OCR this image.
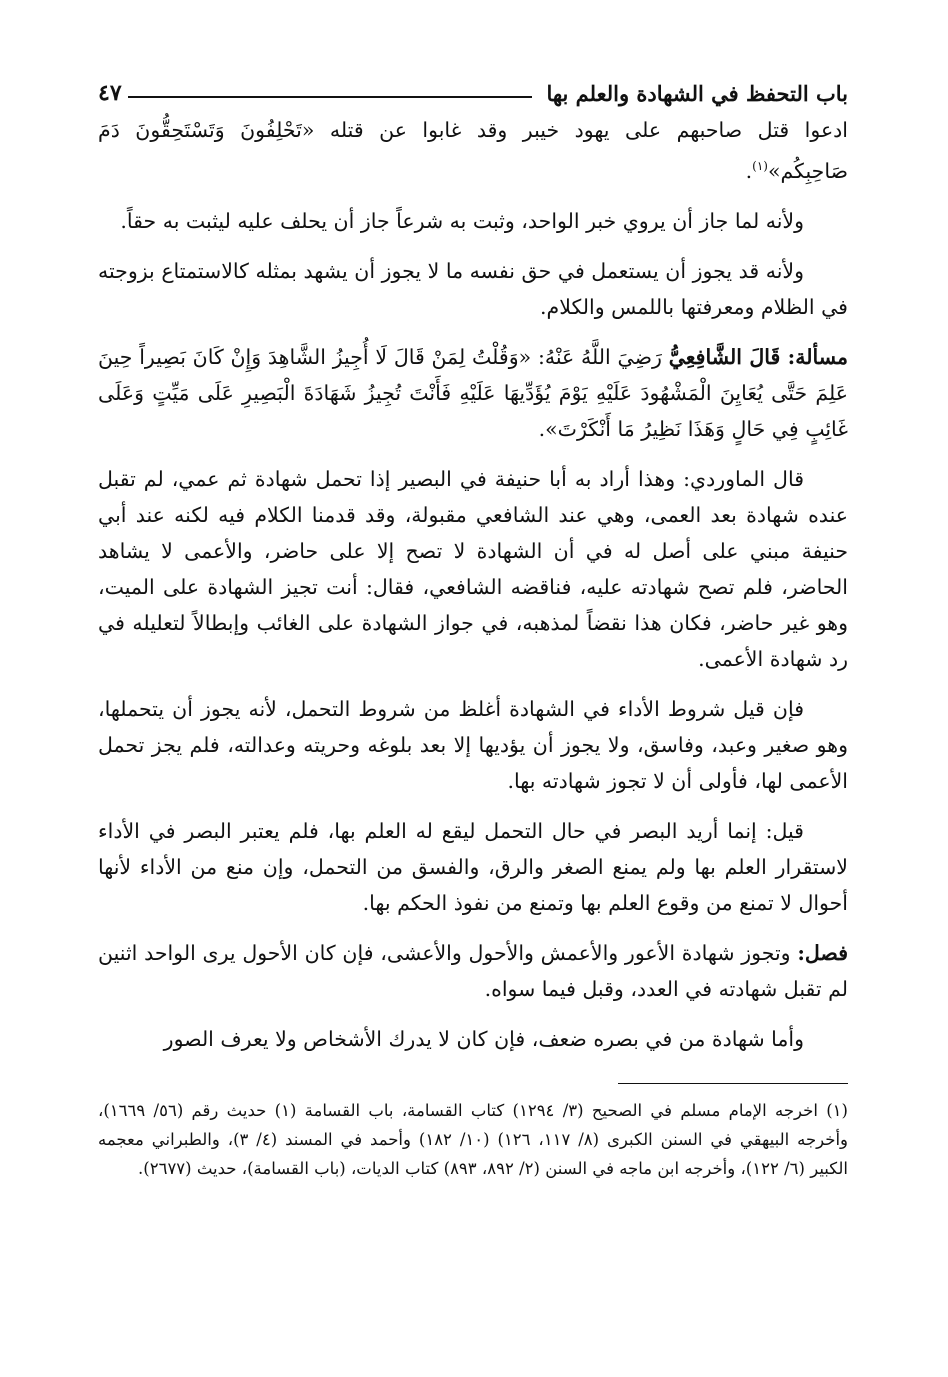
باب التحفظ في الشهادة والعلم بها
٤٧

ادعوا قتل صاحبهم على يهود خيبر وقد غابوا عن قتله «تَحْلِفُونَ وَتَسْتَحِقُّونَ دَمَ صَاحِبِكُم»$^{(١)}$.

ولأنه لما جاز أن يروي خبر الواحد، وثبت به شرعاً جاز أن يحلف عليه ليثبت به حقاً.

ولأنه قد يجوز أن يستعمل في حق نفسه ما لا يجوز أن يشهد بمثله كالاستمتاع بزوجته في الظلام ومعرفتها باللمس والكلام.

مسألة: قَالَ الشَّافِعِيُّ رَضِيَ اللَّهُ عَنْهُ: «وَقُلْتُ لِمَنْ قَالَ لَا أُجِيزُ الشَّاهِدَ وَإِنْ كَانَ بَصِيراً حِينَ عَلِمَ حَتَّى يُعَايِنَ الْمَشْهُودَ عَلَيْهِ يَوْمَ يُؤَدِّيهَا عَلَيْهِ فَأَنْتَ تُجِيزُ شَهَادَةَ الْبَصِيرِ عَلَى مَيِّتٍ وَعَلَى غَائِبٍ فِي حَالٍ وَهَذَا نَظِيرُ مَا أَنْكَرْتَ».

قال الماوردي: وهذا أراد به أبا حنيفة في البصير إذا تحمل شهادة ثم عمي، لم تقبل عنده شهادة بعد العمى، وهي عند الشافعي مقبولة، وقد قدمنا الكلام فيه لكنه عند أبي حنيفة مبني على أصل له في أن الشهادة لا تصح إلا على حاضر، والأعمى لا يشاهد الحاضر، فلم تصح شهادته عليه، فناقضه الشافعي، فقال: أنت تجيز الشهادة على الميت، وهو غير حاضر، فكان هذا نقضاً لمذهبه، في جواز الشهادة على الغائب وإبطالاً لتعليله في رد شهادة الأعمى.

فإن قيل شروط الأداء في الشهادة أغلظ من شروط التحمل، لأنه يجوز أن يتحملها، وهو صغير وعبد، وفاسق، ولا يجوز أن يؤديها إلا بعد بلوغه وحريته وعدالته، فلم يجز تحمل الأعمى لها، فأولى أن لا تجوز شهادته بها.

قيل: إنما أريد البصر في حال التحمل ليقع له العلم بها، فلم يعتبر البصر في الأداء لاستقرار العلم بها ولم يمنع الصغر والرق، والفسق من التحمل، وإن منع من الأداء لأنها أحوال لا تمنع من وقوع العلم بها وتمنع من نفوذ الحكم بها.

فصل: وتجوز شهادة الأعور والأعمش والأحول والأعشى، فإن كان الأحول يرى الواحد اثنين لم تقبل شهادته في العدد، وقبل فيما سواه.

وأما شهادة من في بصره ضعف، فإن كان لا يدرك الأشخاص ولا يعرف الصور

(١) اخرجه الإمام مسلم في الصحيح (٣/ ١٢٩٤) كتاب القسامة، باب القسامة (١) حديث رقم (٥٦/ ١٦٦٩)، وأخرجه البيهقي في السنن الكبرى (٨/ ١١٧، ١٢٦) (١٠/ ١٨٢) وأحمد في المسند (٤/ ٣)، والطبراني معجمه الكبير (٦/ ١٢٢)، وأخرجه ابن ماجه في السنن (٢/ ٨٩٢، ٨٩٣) كتاب الديات، (باب القسامة)، حديث (٢٦٧٧).
